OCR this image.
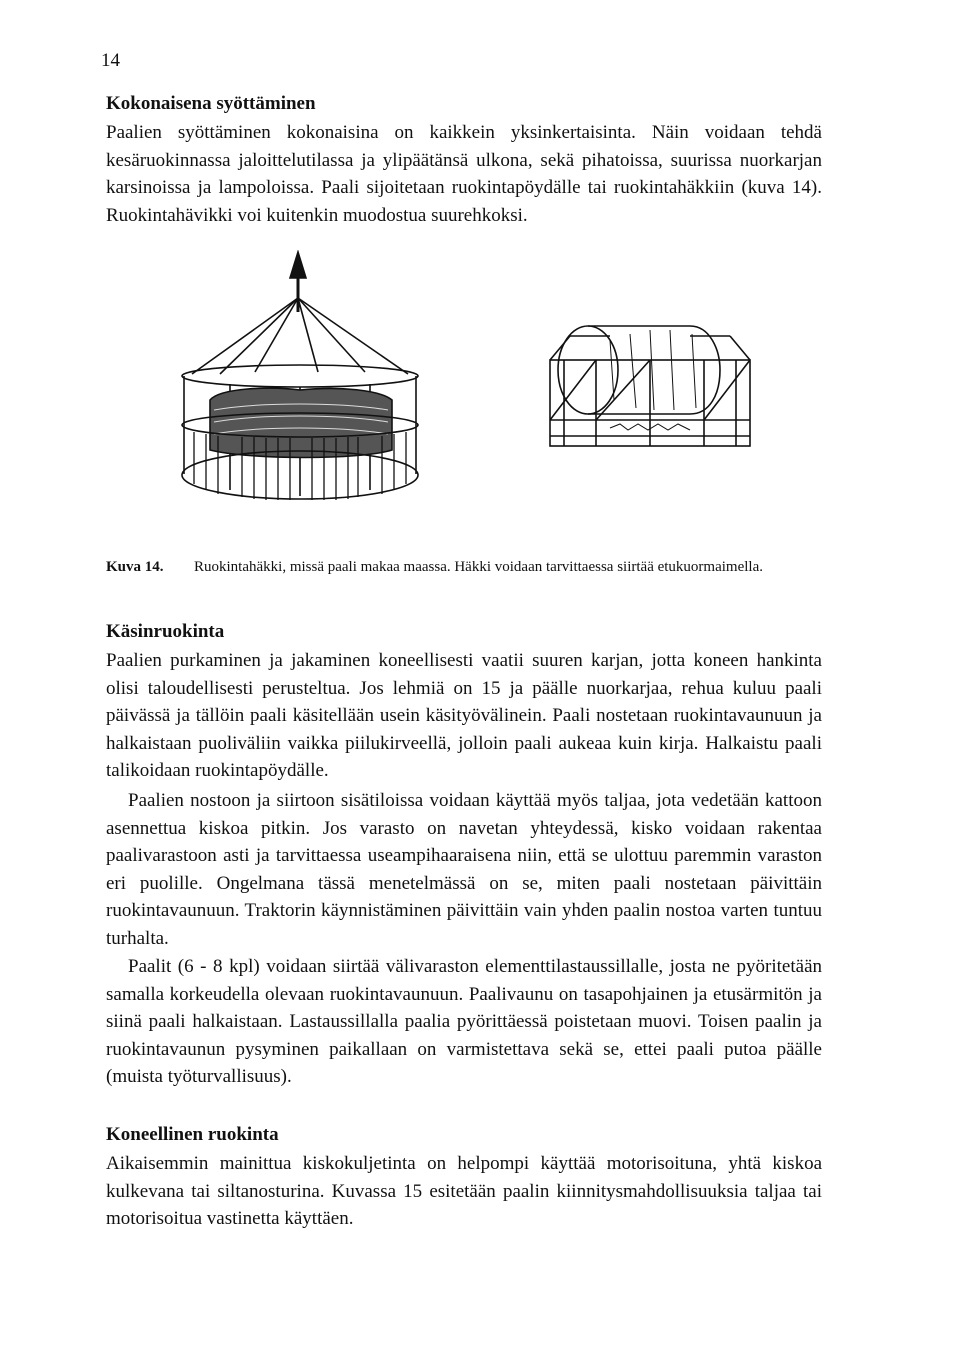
14
Kokonaisena syöttäminen
Paalien syöttäminen kokonaisina on kaikkein yksinkertaisinta. Näin voidaan tehdä kesäruokinnassa jaloittelutilassa ja ylipäätänsä ulkona, sekä pihatoissa, suurissa nuorkarjan karsinoissa ja lampoloissa. Paali sijoitetaan ruokintapöydälle tai ruokintahäkkiin (kuva 14). Ruokintahävikki voi kuitenkin muodostua suurehkoksi.
Kuva 14. Ruokintahäkki, missä paali makaa maassa. Häkki voidaan tarvittaessa siirtää etukuormaimella.
Käsinruokinta
Paalien purkaminen ja jakaminen koneellisesti vaatii suuren karjan, jotta koneen hankinta olisi taloudellisesti perusteltua. Jos lehmiä on 15 ja päälle nuorkarjaa, rehua kuluu paali päivässä ja tällöin paali käsitellään usein käsityövälinein. Paali nostetaan ruokintavaunuun ja halkaistaan puoliväliin vaikka piilukirveellä, jolloin paali aukeaa kuin kirja. Halkaistu paali talikoidaan ruokintapöydälle.
Paalien nostoon ja siirtoon sisätiloissa voidaan käyttää myös taljaa, jota vedetään kattoon asennettua kiskoa pitkin. Jos varasto on navetan yhteydessä, kisko voidaan rakentaa paalivarastoon asti ja tarvittaessa useampihaaraisena niin, että se ulottuu paremmin varaston eri puolille. Ongelmana tässä menetelmässä on se, miten paali nostetaan päivittäin ruokintavaunuun. Traktorin käynnistäminen päivittäin vain yhden paalin nostoa varten tuntuu turhalta.
Paalit (6 - 8 kpl) voidaan siirtää välivaraston elementtilastaussillalle, josta ne pyöritetään samalla korkeudella olevaan ruokintavaunuun. Paalivaunu on tasapohjainen ja etusärmitön ja siinä paali halkaistaan. Lastaussillalla paalia pyörittäessä poistetaan muovi. Toisen paalin ja ruokintavaunun pysyminen paikallaan on varmistettava sekä se, ettei paali putoa päälle (muista työturvallisuus).
Koneellinen ruokinta
Aikaisemmin mainittua kiskokuljetinta on helpompi käyttää motorisoituna, yhtä kiskoa kulkevana tai siltanosturina. Kuvassa 15 esitetään paalin kiinnitysmahdollisuuksia taljaa tai motorisoitua vastinetta käyttäen.
